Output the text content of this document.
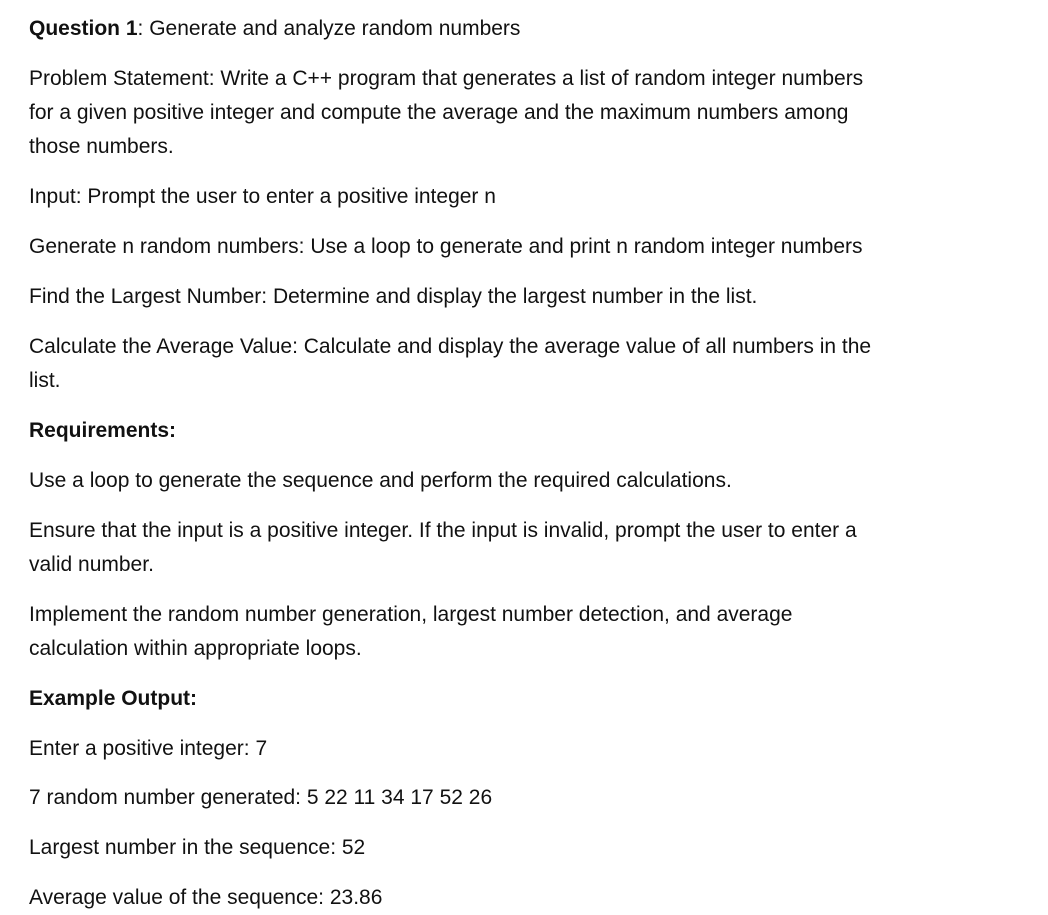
Question 1: Generate and analyze random numbers

Problem Statement: Write a C++ program that generates a list of random integer numbers

for a given positive integer and compute the average and the maximum numbers among

those numbers.

Input: Prompt the user to enter a positive integer n

Generate n random numbers: Use a loop to generate and print n random integer numbers

Find the Largest Number: Determine and display the largest number in the list.

Calculate the Average Value: Calculate and display the average value of all numbers in the

list.

Requirements:

Use a loop to generate the sequence and perform the required calculations.

Ensure that the input is a positive integer. If the input is invalid, prompt the user to enter a

valid number.

Implement the random number generation, largest number detection, and average

calculation within appropriate loops.

Example Output:

Enter a positive integer: 7

7 random number generated: 5 22 11 34 17 52 26

Largest number in the sequence: 52

Average value of the sequence: 23.86
